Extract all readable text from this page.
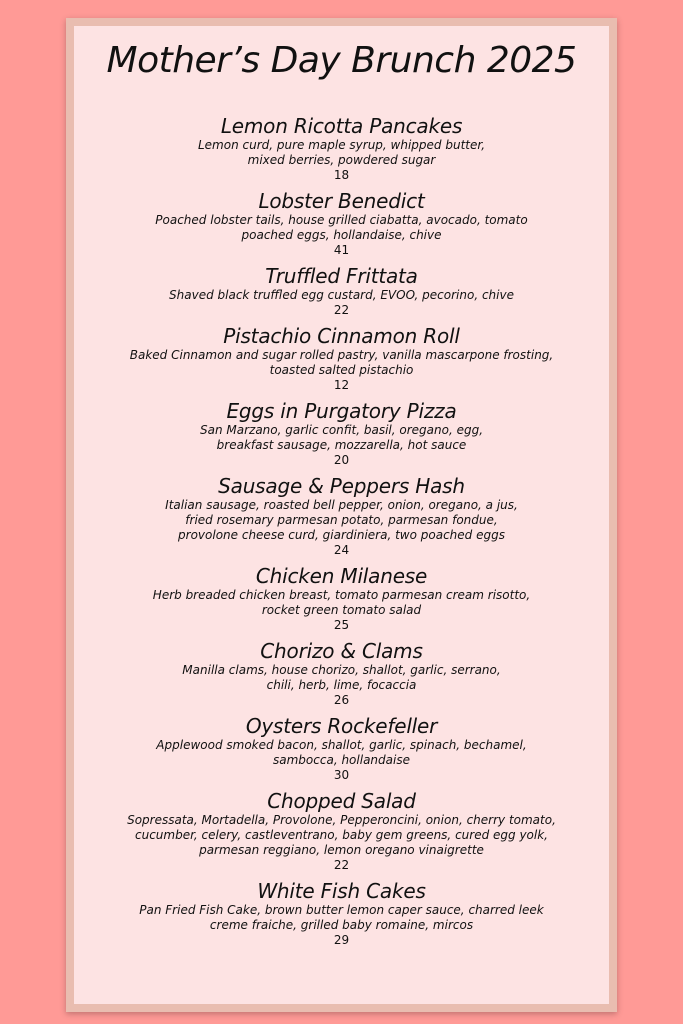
Mother’s Day Brunch 2025
Lemon Ricotta Pancakes
Lemon curd, pure maple syrup, whipped butter,
mixed berries, powdered sugar
18
Lobster Benedict
Poached lobster tails, house grilled ciabatta, avocado, tomato
poached eggs, hollandaise, chive
41
Truffled Frittata
Shaved black truffled egg custard, EVOO, pecorino, chive
22
Pistachio Cinnamon Roll
Baked Cinnamon and sugar rolled pastry, vanilla mascarpone frosting,
toasted salted pistachio
12
Eggs in Purgatory Pizza
San Marzano, garlic confit, basil, oregano, egg,
breakfast sausage, mozzarella, hot sauce
20
Sausage & Peppers Hash
Italian sausage, roasted bell pepper, onion, oregano, a jus,
fried rosemary parmesan potato, parmesan fondue,
provolone cheese curd, giardiniera, two poached eggs
24
Chicken Milanese
Herb breaded chicken breast, tomato parmesan cream risotto,
rocket green tomato salad
25
Chorizo & Clams
Manilla clams, house chorizo, shallot, garlic, serrano,
chili, herb, lime, focaccia
26
Oysters Rockefeller
Applewood smoked bacon, shallot, garlic, spinach, bechamel,
sambocca, hollandaise
30
Chopped Salad
Sopressata, Mortadella, Provolone, Pepperoncini, onion, cherry tomato,
cucumber, celery, castleventrano, baby gem greens, cured egg yolk,
parmesan reggiano, lemon oregano vinaigrette
22
White Fish Cakes
Pan Fried Fish Cake, brown butter lemon caper sauce, charred leek
creme fraiche, grilled baby romaine, mircos
29
